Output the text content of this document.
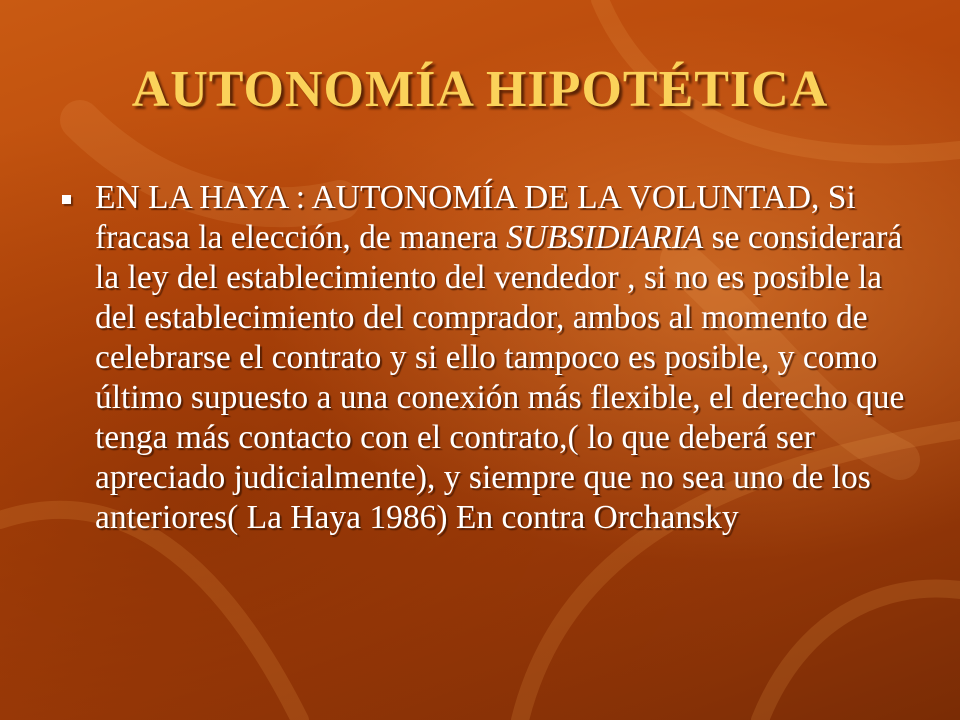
AUTONOMÍA HIPOTÉTICA
EN LA HAYA : AUTONOMÍA DE LA VOLUNTAD, Si fracasa la elección, de manera SUBSIDIARIA se considerará la ley del establecimiento del vendedor , si no es posible la del establecimiento del comprador, ambos al momento de celebrarse el contrato y si ello tampoco es posible, y como último supuesto a una conexión más flexible, el derecho que tenga más contacto con el contrato,( lo que deberá ser apreciado judicialmente), y siempre que no sea uno de los anteriores( La Haya 1986) En contra Orchansky
